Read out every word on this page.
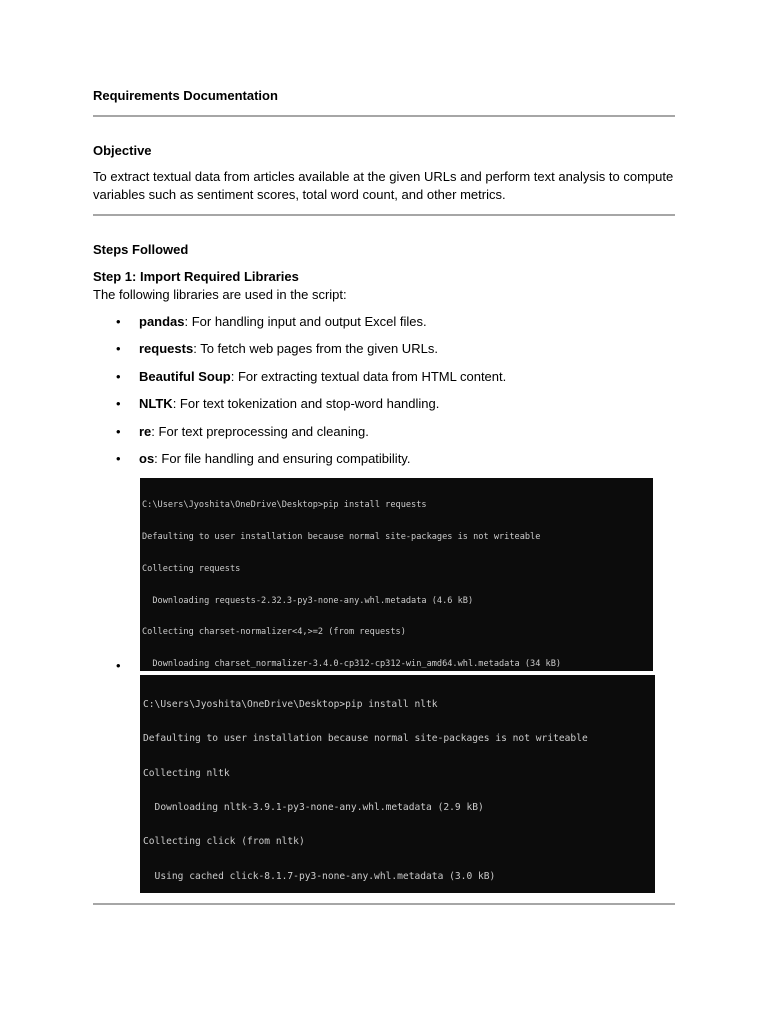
Requirements Documentation
Objective
To extract textual data from articles available at the given URLs and perform text analysis to compute variables such as sentiment scores, total word count, and other metrics.
Steps Followed
Step 1: Import Required Libraries
The following libraries are used in the script:
• pandas: For handling input and output Excel files.
• requests: To fetch web pages from the given URLs.
• Beautiful Soup: For extracting textual data from HTML content.
• NLTK: For text tokenization and stop-word handling.
• re: For text preprocessing and cleaning.
• os: For file handling and ensuring compatibility.
•

C:\Users\Jyoshita\OneDrive\Desktop>pip install requests

Defaulting to user installation because normal site-packages is not writeable

Collecting requests

Downloading requests-2.32.3-py3-none-any.whl.metadata (4.6 kB)

Collecting charset-normalizer<4,>=2 (from requests)

Downloading charset_normalizer-3.4.0-cp312-cp312-win_amd64.whl.metadata (34 kB)

C:\Users\Jyoshita\OneDrive\Desktop>pip install nltk

Defaulting to user installation because normal site-packages is not writeable

Collecting nltk

Downloading nltk-3.9.1-py3-none-any.whl.metadata (2.9 kB)

Collecting click (from nltk)

Using cached click-8.1.7-py3-none-any.whl.metadata (3.0 kB)
